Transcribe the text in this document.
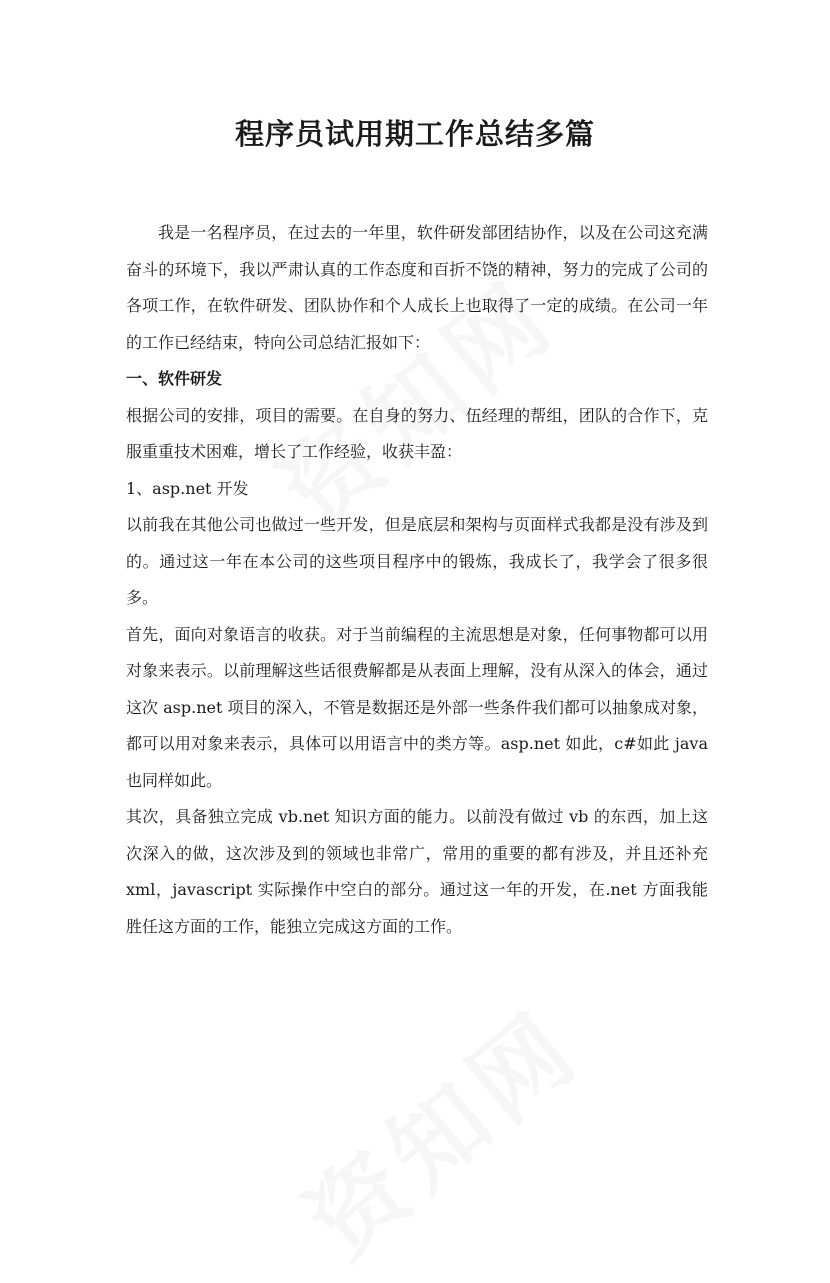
程序员试用期工作总结多篇

我是一名程序员，在过去的一年里，软件研发部团结协作，以及在公司这充满奋斗的环境下，我以严肃认真的工作态度和百折不饶的精神，努力的完成了公司的各项工作，在软件研发、团队协作和个人成长上也取得了一定的成绩。在公司一年的工作已经结束，特向公司总结汇报如下：

一、软件研发

根据公司的安排，项目的需要。在自身的努力、伍经理的帮组，团队的合作下，克服重重技术困难，增长了工作经验，收获丰盈：

1、asp.net 开发

以前我在其他公司也做过一些开发，但是底层和架构与页面样式我都是没有涉及到的。通过这一年在本公司的这些项目程序中的锻炼，我成长了，我学会了很多很多。

首先，面向对象语言的收获。对于当前编程的主流思想是对象，任何事物都可以用对象来表示。以前理解这些话很费解都是从表面上理解，没有从深入的体会，通过这次 asp.net 项目的深入，不管是数据还是外部一些条件我们都可以抽象成对象，都可以用对象来表示，具体可以用语言中的类方等。asp.net 如此，c#如此 java 也同样如此。

其次，具备独立完成 vb.net 知识方面的能力。以前没有做过 vb 的东西，加上这次深入的做，这次涉及到的领域也非常广，常用的重要的都有涉及，并且还补充 xml，javascript 实际操作中空白的部分。通过这一年的开发，在.net 方面我能胜任这方面的工作，能独立完成这方面的工作。
